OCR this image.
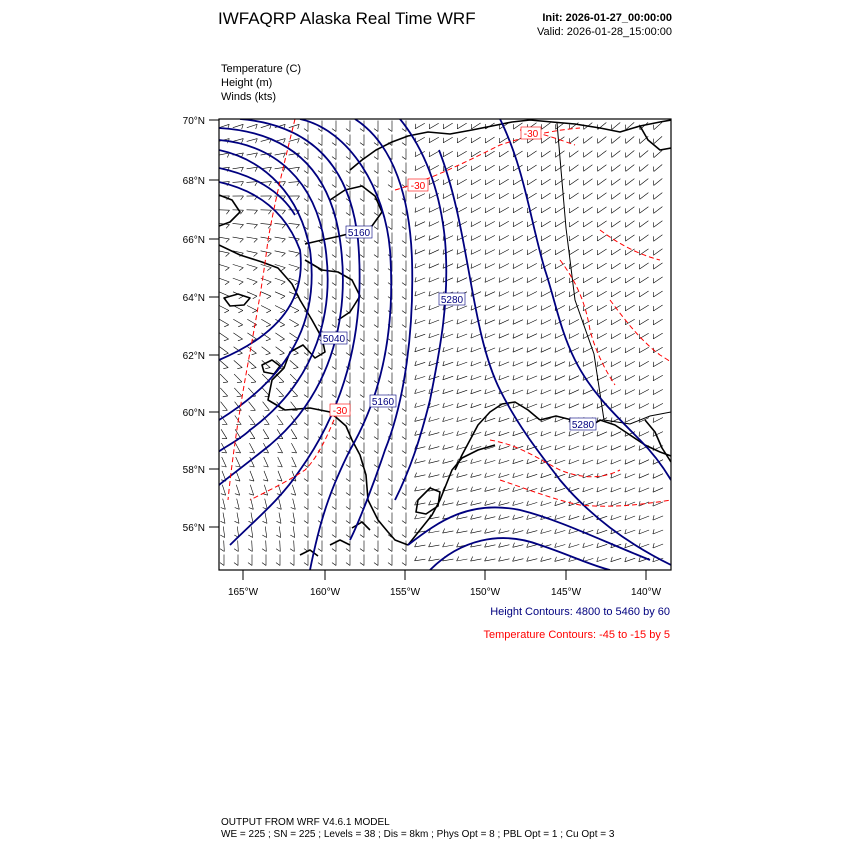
IWFAQRP Alaska Real Time WRF	Init: 2026-01-27_00:00:00
Valid: 2026-01-28_15:00:00
Temperature (C)
Height (m)
Winds (kts)
70°N
68°N
66°N
64°N
62°N
60°N
58°N
56°N
165°W	160°W	155°W	150°W	145°W	140°W
5160
5280
5040
5160
5280
-30
-30
-30
Height Contours: 4800 to 5460 by 60
Temperature Contours: -45 to -15 by 5
OUTPUT FROM WRF V4.6.1 MODEL
WE = 225 ; SN = 225 ; Levels = 38 ; Dis = 8km ; Phys Opt = 8 ; PBL Opt = 1 ; Cu Opt = 3
